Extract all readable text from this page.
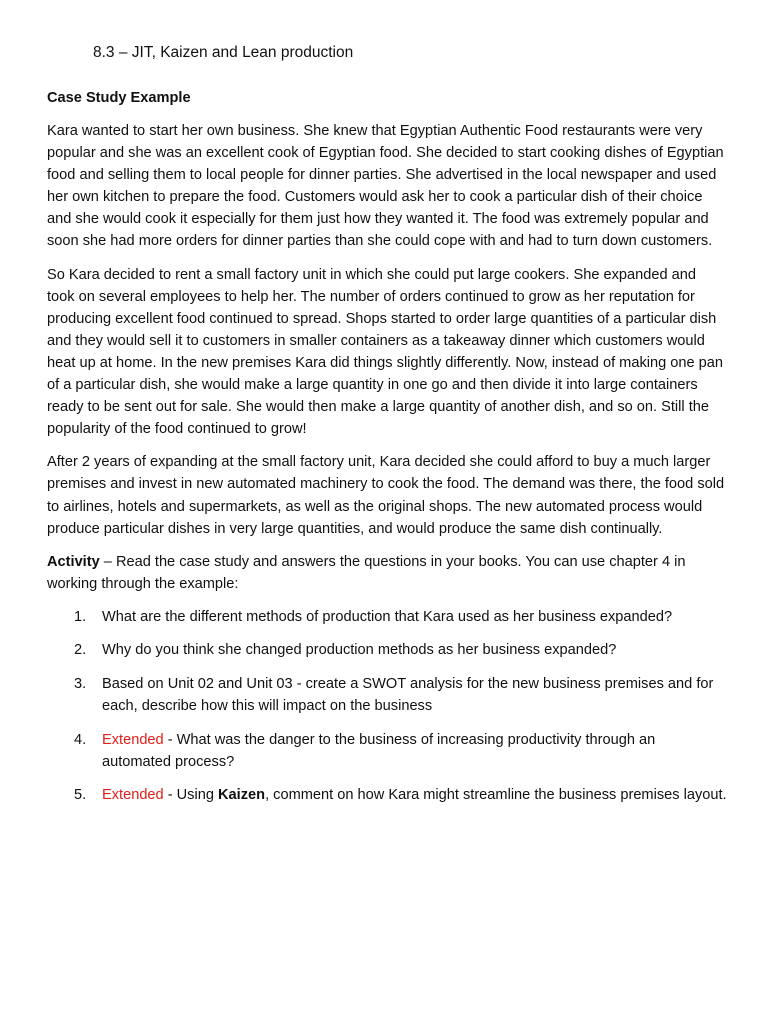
8.3 – JIT, Kaizen and Lean production
Case Study Example

Kara wanted to start her own business. She knew that Egyptian Authentic Food restaurants were very popular and she was an excellent cook of Egyptian food. She decided to start cooking dishes of Egyptian food and selling them to local people for dinner parties. She advertised in the local newspaper and used her own kitchen to prepare the food. Customers would ask her to cook a particular dish of their choice and she would cook it especially for them just how they wanted it. The food was extremely popular and soon she had more orders for dinner parties than she could cope with and had to turn down customers.

So Kara decided to rent a small factory unit in which she could put large cookers. She expanded and took on several employees to help her. The number of orders continued to grow as her reputation for producing excellent food continued to spread. Shops started to order large quantities of a particular dish and they would sell it to customers in smaller containers as a takeaway dinner which customers would heat up at home. In the new premises Kara did things slightly differently. Now, instead of making one pan of a particular dish, she would make a large quantity in one go and then divide it into large containers ready to be sent out for sale. She would then make a large quantity of another dish, and so on. Still the popularity of the food continued to grow!

After 2 years of expanding at the small factory unit, Kara decided she could afford to buy a much larger premises and invest in new automated machinery to cook the food. The demand was there, the food sold to airlines, hotels and supermarkets, as well as the original shops. The new automated process would produce particular dishes in very large quantities, and would produce the same dish continually.

Activity – Read the case study and answers the questions in your books. You can use chapter 4 in working through the example:

1. What are the different methods of production that Kara used as her business expanded?
2. Why do you think she changed production methods as her business expanded?
3. Based on Unit 02 and Unit 03 - create a SWOT analysis for the new business premises and for each, describe how this will impact on the business
4. Extended - What was the danger to the business of increasing productivity through an automated process?
5. Extended - Using Kaizen, comment on how Kara might streamline the business premises layout.
